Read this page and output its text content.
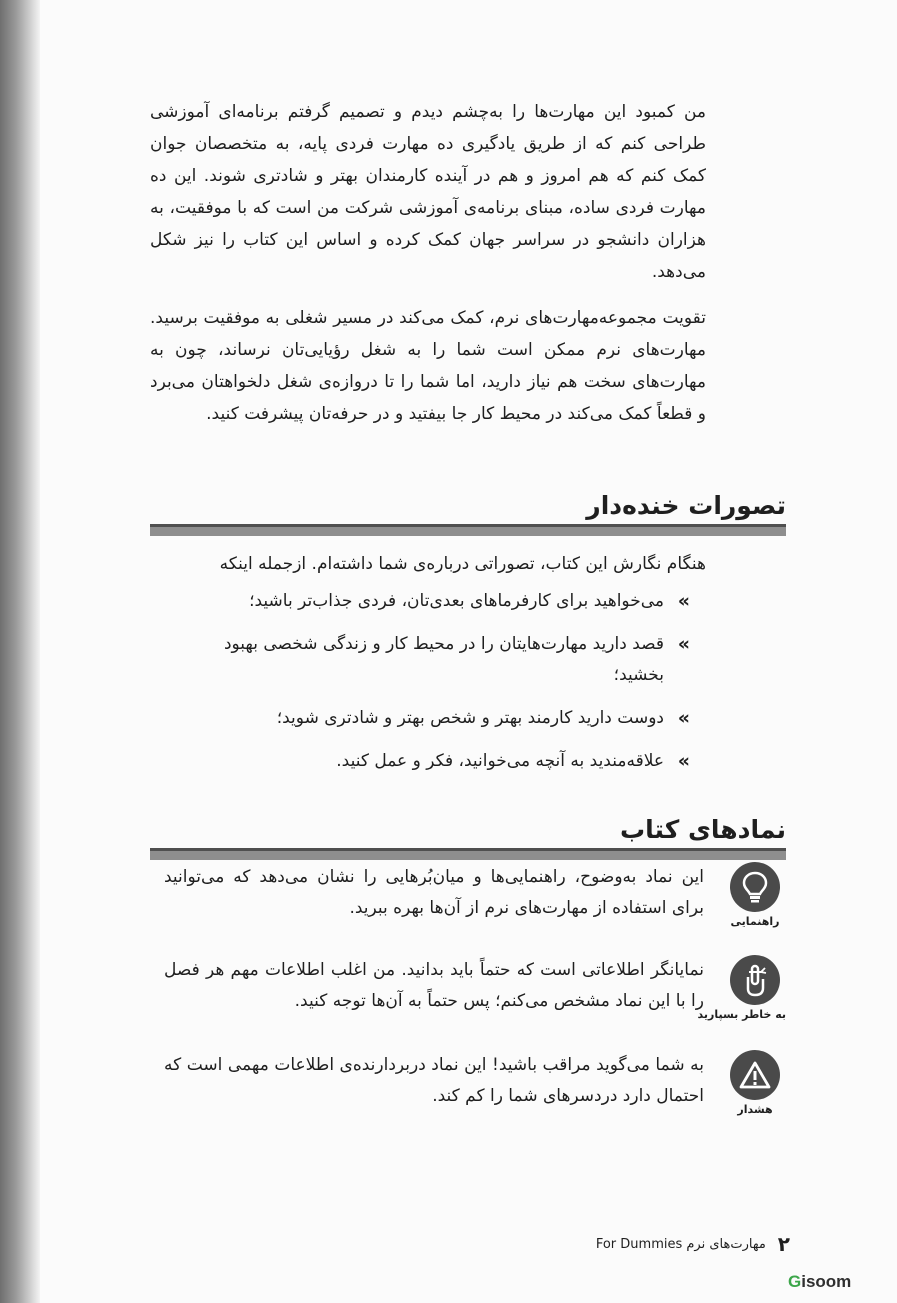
من کمبود این مهارت‌ها را به‌چشم دیدم و تصمیم گرفتم برنامه‌ای آموزشی طراحی کنم که از طریق یادگیری ده مهارت فردی پایه، به متخصصان جوان کمک کنم که هم امروز و هم در آینده کارمندان بهتر و شادتری شوند. این ده مهارت فردی ساده، مبنای برنامه‌ی آموزشی شرکت من است که با موفقیت، به هزاران دانشجو در سراسر جهان کمک کرده و اساس این کتاب را نیز شکل می‌دهد.

تقویت مجموعه‌مهارت‌های نرم، کمک می‌کند در مسیر شغلی به موفقیت برسید. مهارت‌های نرم ممکن است شما را به شغل رؤیایی‌تان نرساند، چون به مهارت‌های سخت هم نیاز دارید، اما شما را تا دروازه‌ی شغل دلخواهتان می‌برد و قطعاً کمک می‌کند در محیط کار جا بیفتید و در حرفه‌تان پیشرفت کنید.

تصورات خنده‌دار

هنگام نگارش این کتاب، تصوراتی درباره‌ی شما داشته‌ام. ازجمله اینکه

»
می‌خواهید برای کارفرماهای بعدی‌تان، فردی جذاب‌تر باشید؛
»
قصد دارید مهارت‌هایتان را در محیط کار و زندگی شخصی بهبود بخشید؛
»
دوست دارید کارمند بهتر و شخص بهتر و شادتری شوید؛
»
علاقه‌مندید به آنچه می‌خوانید، فکر و عمل کنید.

نمادهای کتاب

راهنمایی

این نماد به‌وضوح، راهنمایی‌ها و میان‌بُرهایی را نشان می‌دهد که می‌توانید برای استفاده از مهارت‌های نرم از آن‌ها بهره ببرید.

به خاطر بسپارید

نمایانگر اطلاعاتی است که حتماً باید بدانید. من اغلب اطلاعات مهم هر فصل را با این نماد مشخص می‌کنم؛ پس حتماً به آن‌ها توجه کنید.

هشدار

به شما می‌گوید مراقب باشید! این نماد دربردارنده‌ی اطلاعات مهمی است که احتمال دارد دردسرهای شما را کم کند.

۲
مهارت‌های نرم For Dummies
Gisoom
